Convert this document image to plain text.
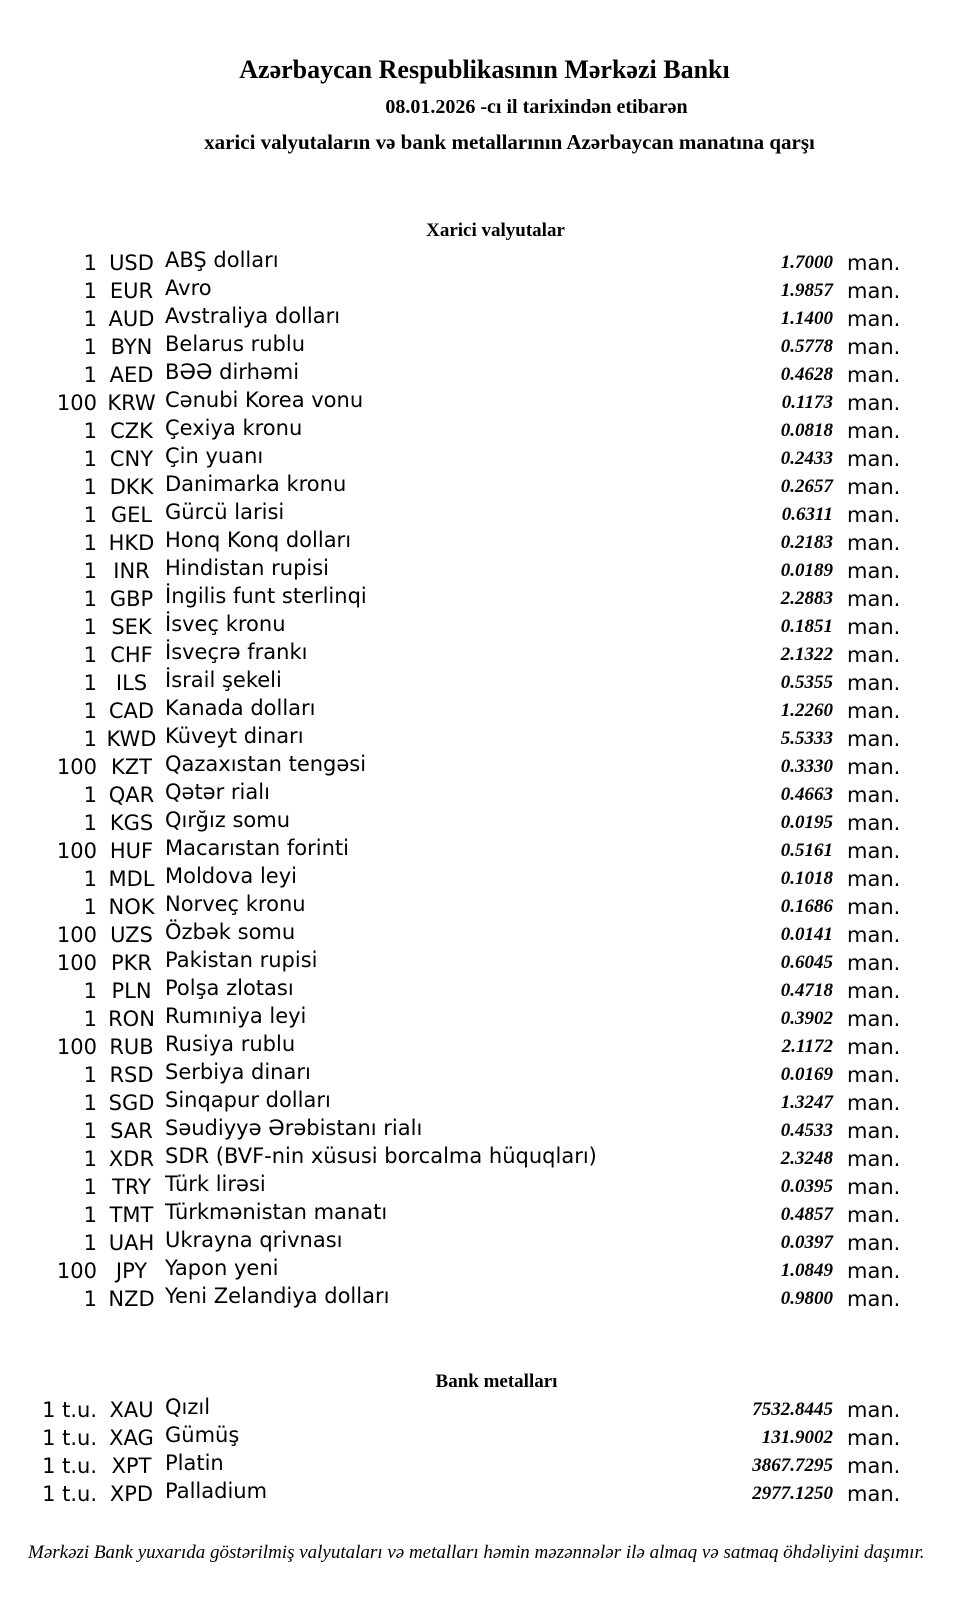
Azərbaycan Respublikasının Mərkəzi Bankı
08.01.2026 -cı il tarixindən etibarən
xarici valyutaların və bank metallarının Azərbaycan manatına qarşı
Xarici valyutalar
1 USD ABŞ dolları	1.7000 man.
1 EUR Avro	1.9857 man.
1 AUD Avstraliya dolları	1.1400 man.
1 BYN Belarus rublu	0.5778 man.
1 AED BƏƏ dirhəmi	0.4628 man.
100 KRW Cənubi Korea vonu	0.1173 man.
1 CZK Çexiya kronu	0.0818 man.
1 CNY Çin yuanı	0.2433 man.
1 DKK Danimarka kronu	0.2657 man.
1 GEL Gürcü larisi	0.6311 man.
1 HKD Honq Konq dolları	0.2183 man.
1 INR Hindistan rupisi	0.0189 man.
1 GBP İngilis funt sterlinqi	2.2883 man.
1 SEK İsveç kronu	0.1851 man.
1 CHF İsveçrə frankı	2.1322 man.
1 ILS İsrail şekeli	0.5355 man.
1 CAD Kanada dolları	1.2260 man.
1 KWD Küveyt dinarı	5.5333 man.
100 KZT Qazaxıstan tengəsi	0.3330 man.
1 QAR Qətər rialı	0.4663 man.
1 KGS Qırğız somu	0.0195 man.
100 HUF Macarıstan forinti	0.5161 man.
1 MDL Moldova leyi	0.1018 man.
1 NOK Norveç kronu	0.1686 man.
100 UZS Özbək somu	0.0141 man.
100 PKR Pakistan rupisi	0.6045 man.
1 PLN Polşa zlotası	0.4718 man.
1 RON Rumıniya leyi	0.3902 man.
100 RUB Rusiya rublu	2.1172 man.
1 RSD Serbiya dinarı	0.0169 man.
1 SGD Sinqapur dolları	1.3247 man.
1 SAR Səudiyyə Ərəbistanı rialı	0.4533 man.
1 XDR SDR (BVF-nin xüsusi borcalma hüquqları)	2.3248 man.
1 TRY Türk lirəsi	0.0395 man.
1 TMT Türkmənistan manatı	0.4857 man.
1 UAH Ukrayna qrivnası	0.0397 man.
100 JPY Yapon yeni	1.0849 man.
1 NZD Yeni Zelandiya dolları	0.9800 man.
Bank metalları
1 t.u. XAU Qızıl	7532.8445 man.
1 t.u. XAG Gümüş	131.9002 man.
1 t.u. XPT Platin	3867.7295 man.
1 t.u. XPD Palladium	2977.1250 man.
Mərkəzi Bank yuxarıda göstərilmiş valyutaları və metalları həmin məzənnələr ilə almaq və satmaq öhdəliyini daşımır.
